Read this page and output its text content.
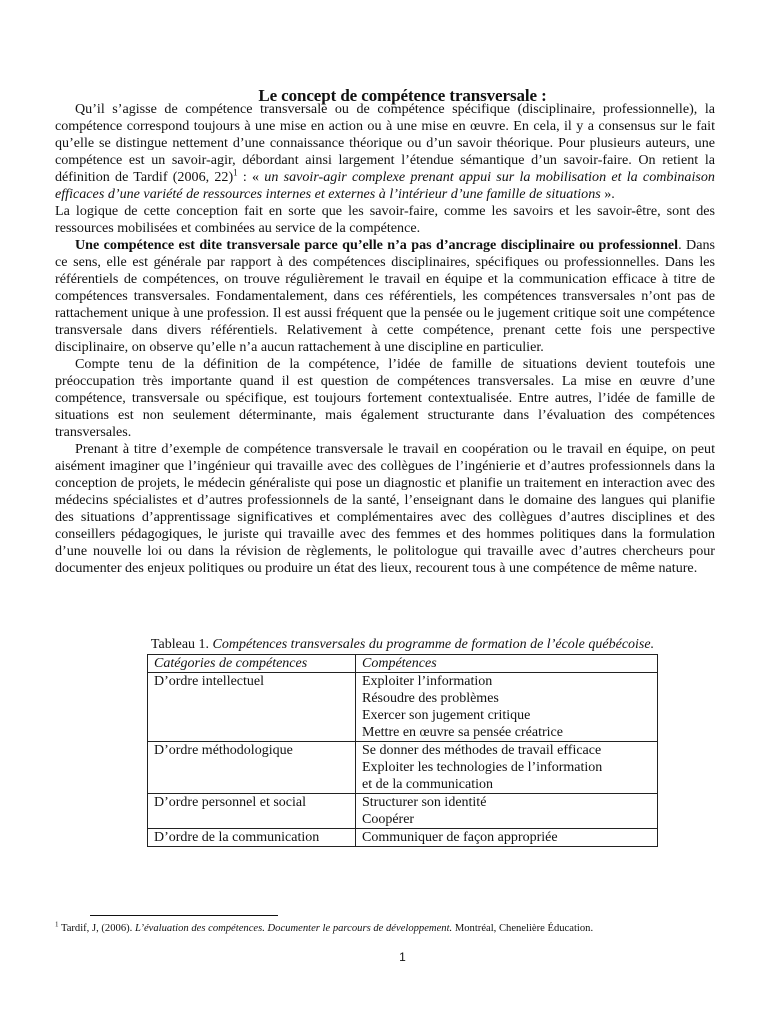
Le concept de compétence transversale :

Qu’il s’agisse de compétence transversale ou de compétence spécifique (disciplinaire, professionnelle), la compétence correspond toujours à une mise en action ou à une mise en œuvre. En cela, il y a consensus sur le fait qu’elle se distingue nettement d’une connaissance théorique ou d’un savoir théorique. Pour plusieurs auteurs, une compétence est un savoir-agir, débordant ainsi largement l’étendue sémantique d’un savoir-faire. On retient la définition de Tardif (2006, 22)$^1$ : « un savoir-agir complexe prenant appui sur la mobilisation et la combinaison efficaces d’une variété de ressources internes et externes à l’intérieur d’une famille de situations ».

La logique de cette conception fait en sorte que les savoir-faire, comme les savoirs et les savoir-être, sont des ressources mobilisées et combinées au service de la compétence.

Une compétence est dite transversale parce qu’elle n’a pas d’ancrage disciplinaire ou professionnel. Dans ce sens, elle est générale par rapport à des compétences disciplinaires, spécifiques ou professionnelles. Dans les référentiels de compétences, on trouve régulièrement le travail en équipe et la communication efficace à titre de compétences transversales. Fondamentalement, dans ces référentiels, les compétences transversales n’ont pas de rattachement unique à une profession. Il est aussi fréquent que la pensée ou le jugement critique soit une compétence transversale dans divers référentiels. Relativement à cette compétence, prenant cette fois une perspective disciplinaire, on observe qu’elle n’a aucun rattachement à une discipline en particulier.

Compte tenu de la définition de la compétence, l’idée de famille de situations devient toutefois une préoccupation très importante quand il est question de compétences transversales. La mise en œuvre d’une compétence, transversale ou spécifique, est toujours fortement contextualisée. Entre autres, l’idée de famille de situations est non seulement déterminante, mais également structurante dans l’évaluation des compétences transversales.

Prenant à titre d’exemple de compétence transversale le travail en coopération ou le travail en équipe, on peut aisément imaginer que l’ingénieur qui travaille avec des collègues de l’ingénierie et d’autres professionnels dans la conception de projets, le médecin généraliste qui pose un diagnostic et planifie un traitement en interaction avec des médecins spécialistes et d’autres professionnels de la santé, l’enseignant dans le domaine des langues qui planifie des situations d’apprentissage significatives et complémentaires avec des collègues d’autres disciplines et des conseillers pédagogiques, le juriste qui travaille avec des femmes et des hommes politiques dans la formulation d’une nouvelle loi ou dans la révision de règlements, le politologue qui travaille avec d’autres chercheurs pour documenter des enjeux politiques ou produire un état des lieux, recourent tous à une compétence de même nature.

Tableau 1. Compétences transversales du programme de formation de l’école québécoise.
Catégories de compétences	Compétences
D’ordre intellectuel	Exploiter l’information
Résoudre des problèmes
Exercer son jugement critique
Mettre en œuvre sa pensée créatrice

D’ordre méthodologique	Se donner des méthodes de travail efficace
Exploiter les technologies de l’information
et de la communication

D’ordre personnel et social	Structurer son identité
Coopérer

D’ordre de la communication	Communiquer de façon appropriée
$^1$ Tardif, J, (2006). L’évaluation des compétences. Documenter le parcours de développement. Montréal, Chenelière Éducation.
1
